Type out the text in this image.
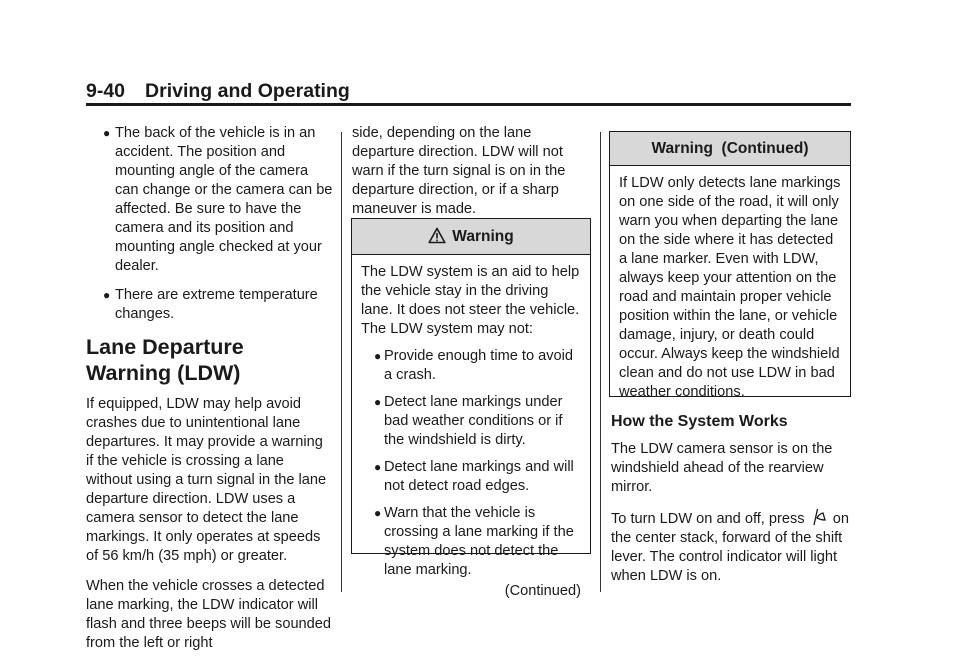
9-40 Driving and Operating
● The back of the vehicle is in an accident. The position and mounting angle of the camera can change or the camera can be affected. Be sure to have the camera and its position and mounting angle checked at your dealer.
● There are extreme temperature changes.
Lane Departure Warning (LDW)

If equipped, LDW may help avoid crashes due to unintentional lane departures. It may provide a warning if the vehicle is crossing a lane without using a turn signal in the lane departure direction. LDW uses a camera sensor to detect the lane markings. It only operates at speeds of 56 km/h (35 mph) or greater.

When the vehicle crosses a detected lane marking, the LDW indicator will flash and three beeps will be sounded from the left or right

side, depending on the lane departure direction. LDW will not warn if the turn signal is on in the departure direction, or if a sharp maneuver is made.

Warning

The LDW system is an aid to help the vehicle stay in the driving lane. It does not steer the vehicle. The LDW system may not:

● Provide enough time to avoid a crash.
● Detect lane markings under bad weather conditions or if the windshield is dirty.
● Detect lane markings and will not detect road edges.
● Warn that the vehicle is crossing a lane marking if the system does not detect the lane marking.
(Continued)
Warning  (Continued)

If LDW only detects lane markings on one side of the road, it will only warn you when departing the lane on the side where it has detected a lane marker. Even with LDW, always keep your attention on the road and maintain proper vehicle position within the lane, or vehicle damage, injury, or death could occur. Always keep the windshield clean and do not use LDW in bad weather conditions.

How the System Works

The LDW camera sensor is on the windshield ahead of the rearview mirror.

To turn LDW on and off, press on the center stack, forward of the shift lever. The control indicator will light when LDW is on.
